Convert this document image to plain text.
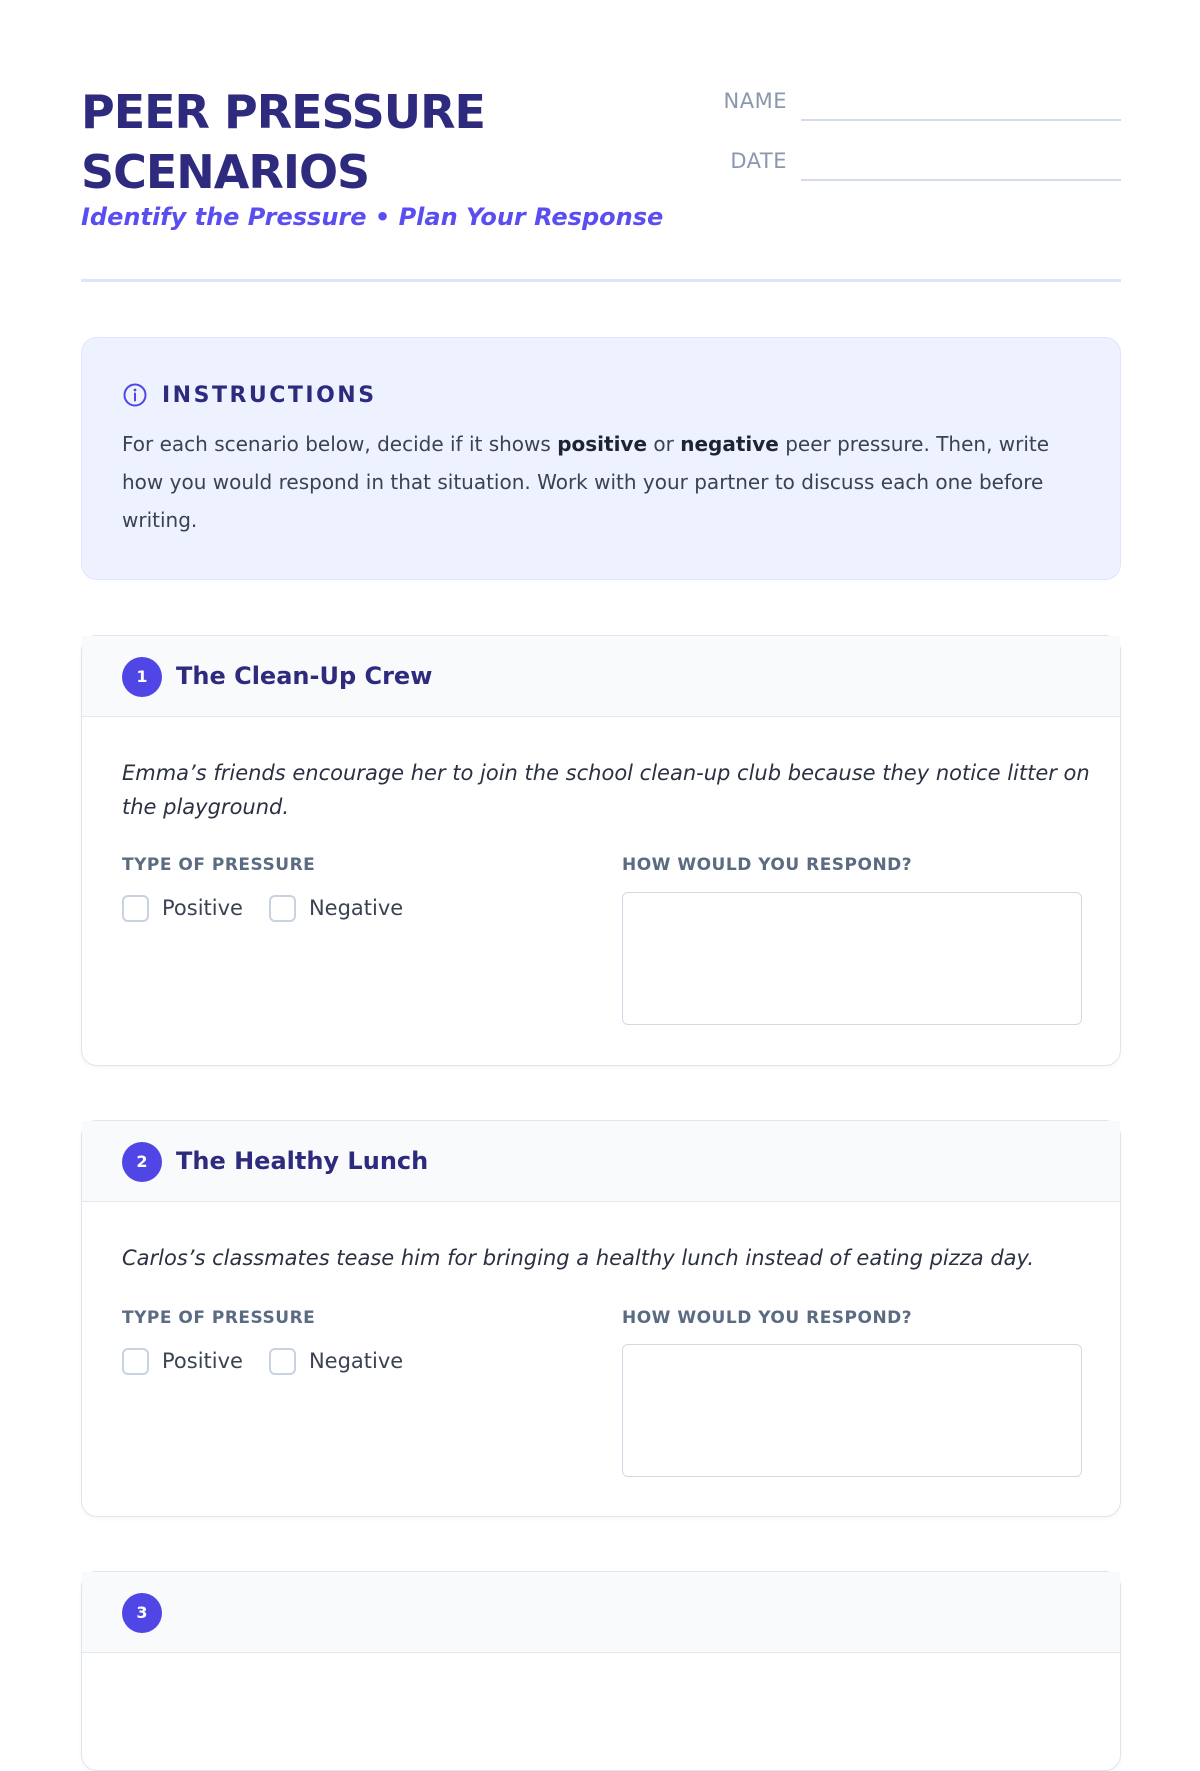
PEER PRESSURE SCENARIOS
Identify the Pressure • Plan Your Response
NAME
DATE
INSTRUCTIONS

For each scenario below, decide if it shows positive or negative peer pressure. Then, write how you would respond in that situation. Work with your partner to discuss each one before writing.

1	The Clean-Up Crew

Emma’s friends encourage her to join the school clean-up club because they notice litter on the playground.

TYPE OF PRESSURE	HOW WOULD YOU RESPOND?
Positive	Negative
2	The Healthy Lunch

Carlos’s classmates tease him for bringing a healthy lunch instead of eating pizza day.

TYPE OF PRESSURE	HOW WOULD YOU RESPOND?
Positive	Negative
3
